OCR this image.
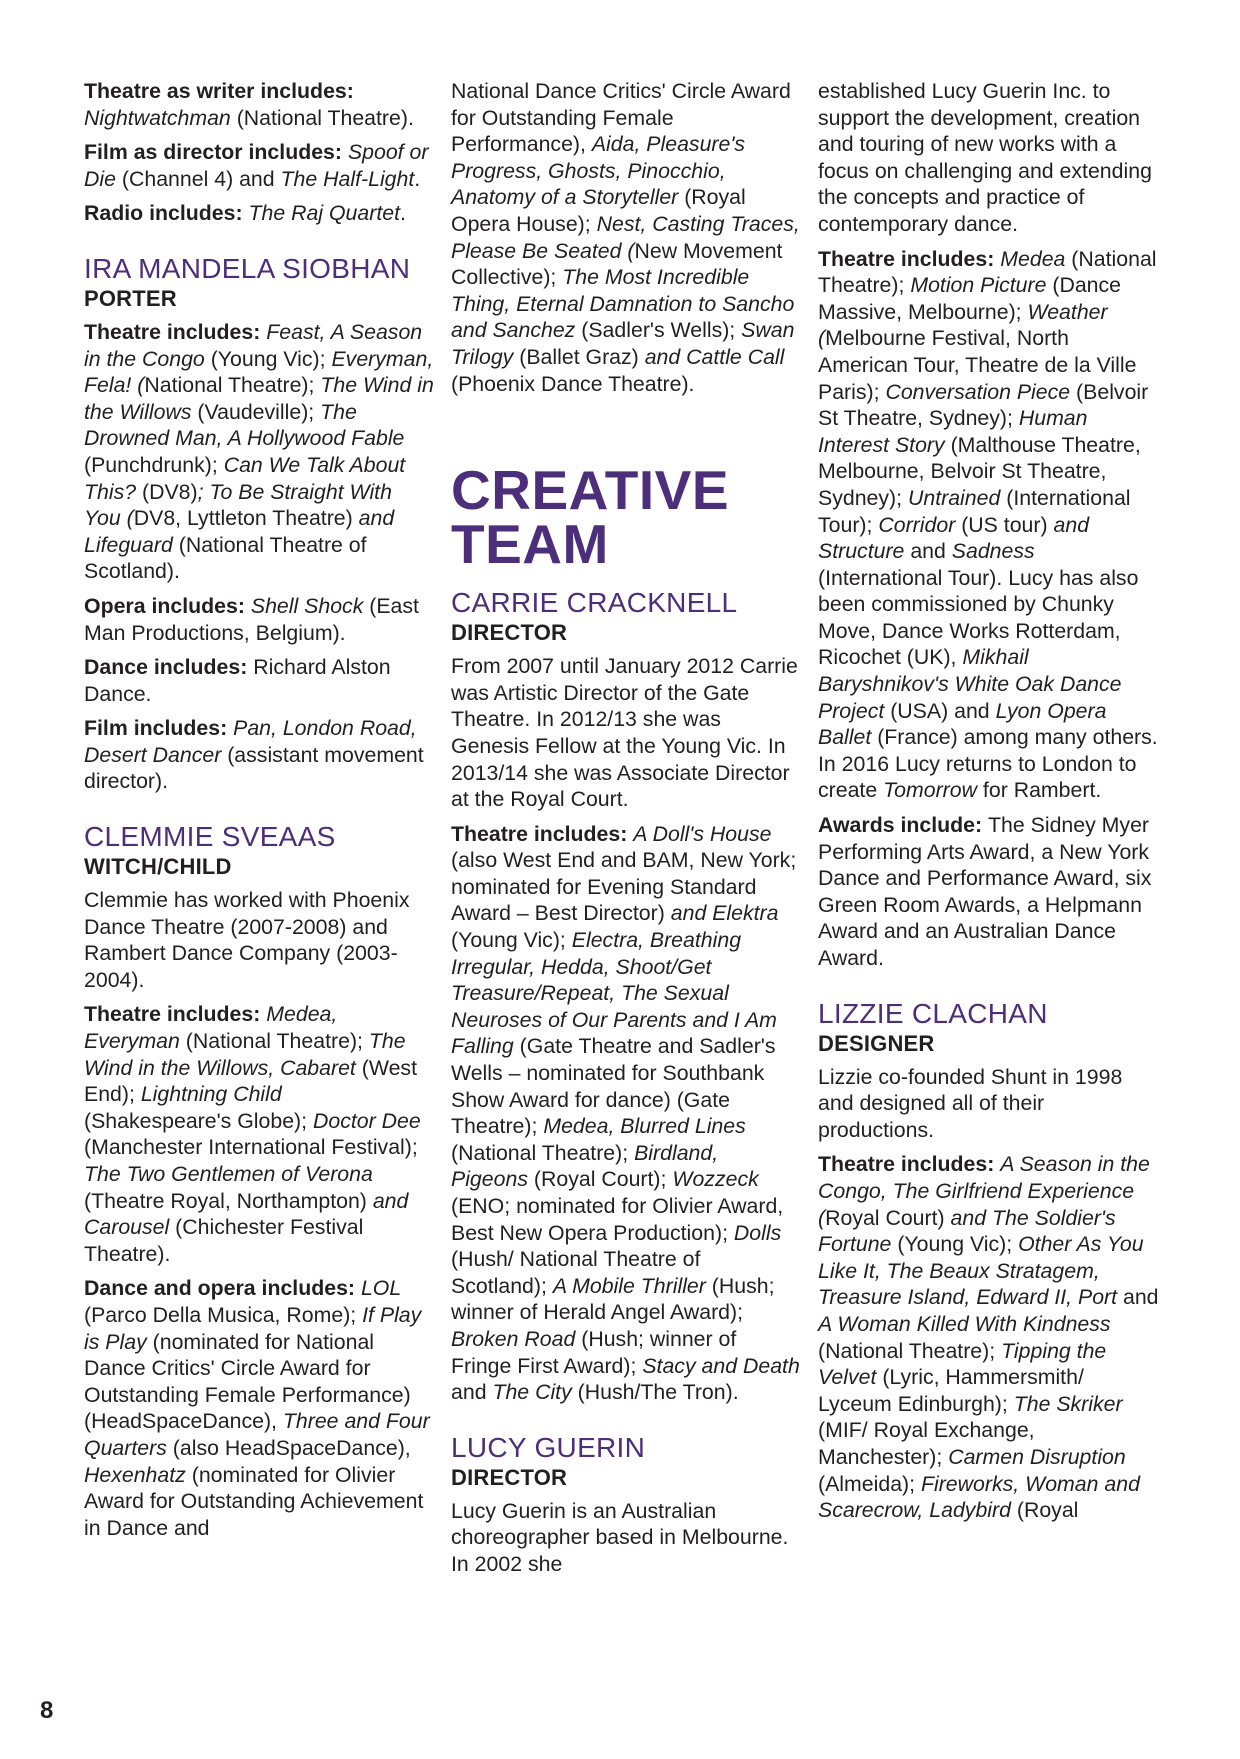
Theatre as writer includes: Nightwatchman (National Theatre).

Film as director includes: Spoof or Die (Channel 4) and The Half-Light.

Radio includes: The Raj Quartet.

IRA MANDELA SIOBHAN
PORTER

Theatre includes: Feast, A Season in the Congo (Young Vic); Everyman, Fela! (National Theatre); The Wind in the Willows (Vaudeville); The Drowned Man, A Hollywood Fable (Punchdrunk); Can We Talk About This? (DV8); To Be Straight With You (DV8, Lyttleton Theatre) and Lifeguard (National Theatre of Scotland).

Opera includes: Shell Shock (East Man Productions, Belgium).

Dance includes: Richard Alston Dance.

Film includes: Pan, London Road, Desert Dancer (assistant movement director).

CLEMMIE SVEAAS
WITCH/CHILD

Clemmie has worked with Phoenix Dance Theatre (2007-2008) and Rambert Dance Company (2003-2004).

Theatre includes: Medea, Everyman (National Theatre); The Wind in the Willows, Cabaret (West End); Lightning Child (Shakespeare's Globe); Doctor Dee (Manchester International Festival); The Two Gentlemen of Verona (Theatre Royal, Northampton) and Carousel (Chichester Festival Theatre).

Dance and opera includes: LOL (Parco Della Musica, Rome); If Play is Play (nominated for National Dance Critics' Circle Award for Outstanding Female Performance) (HeadSpaceDance), Three and Four Quarters (also HeadSpaceDance), Hexenhatz (nominated for Olivier Award for Outstanding Achievement in Dance and

National Dance Critics' Circle Award for Outstanding Female Performance), Aida, Pleasure's Progress, Ghosts, Pinocchio, Anatomy of a Storyteller (Royal Opera House); Nest, Casting Traces, Please Be Seated (New Movement Collective); The Most Incredible Thing, Eternal Damnation to Sancho and Sanchez (Sadler's Wells); Swan Trilogy (Ballet Graz) and Cattle Call (Phoenix Dance Theatre).

CREATIVE TEAM
CARRIE CRACKNELL
DIRECTOR

From 2007 until January 2012 Carrie was Artistic Director of the Gate Theatre. In 2012/13 she was Genesis Fellow at the Young Vic. In 2013/14 she was Associate Director at the Royal Court.

Theatre includes: A Doll's House (also West End and BAM, New York; nominated for Evening Standard Award – Best Director) and Elektra (Young Vic); Electra, Breathing Irregular, Hedda, Shoot/Get Treasure/Repeat, The Sexual Neuroses of Our Parents and I Am Falling (Gate Theatre and Sadler's Wells – nominated for Southbank Show Award for dance) (Gate Theatre); Medea, Blurred Lines (National Theatre); Birdland, Pigeons (Royal Court); Wozzeck (ENO; nominated for Olivier Award, Best New Opera Production); Dolls (Hush/ National Theatre of Scotland); A Mobile Thriller (Hush; winner of Herald Angel Award); Broken Road (Hush; winner of Fringe First Award); Stacy and Death and The City (Hush/The Tron).

LUCY GUERIN
DIRECTOR

Lucy Guerin is an Australian choreographer based in Melbourne. In 2002 she

established Lucy Guerin Inc. to support the development, creation and touring of new works with a focus on challenging and extending the concepts and practice of contemporary dance.

Theatre includes: Medea (National Theatre); Motion Picture (Dance Massive, Melbourne); Weather (Melbourne Festival, North American Tour, Theatre de la Ville Paris); Conversation Piece (Belvoir St Theatre, Sydney); Human Interest Story (Malthouse Theatre, Melbourne, Belvoir St Theatre, Sydney); Untrained (International Tour); Corridor (US tour) and Structure and Sadness (International Tour). Lucy has also been commissioned by Chunky Move, Dance Works Rotterdam, Ricochet (UK), Mikhail Baryshnikov's White Oak Dance Project (USA) and Lyon Opera Ballet (France) among many others. In 2016 Lucy returns to London to create Tomorrow for Rambert.

Awards include: The Sidney Myer Performing Arts Award, a New York Dance and Performance Award, six Green Room Awards, a Helpmann Award and an Australian Dance Award.

LIZZIE CLACHAN
DESIGNER

Lizzie co-founded Shunt in 1998 and designed all of their productions.

Theatre includes: A Season in the Congo, The Girlfriend Experience (Royal Court) and The Soldier's Fortune (Young Vic); Other As You Like It, The Beaux Stratagem, Treasure Island, Edward II, Port and A Woman Killed With Kindness (National Theatre); Tipping the Velvet (Lyric, Hammersmith/ Lyceum Edinburgh); The Skriker (MIF/ Royal Exchange, Manchester); Carmen Disruption (Almeida); Fireworks, Woman and Scarecrow, Ladybird (Royal

8
